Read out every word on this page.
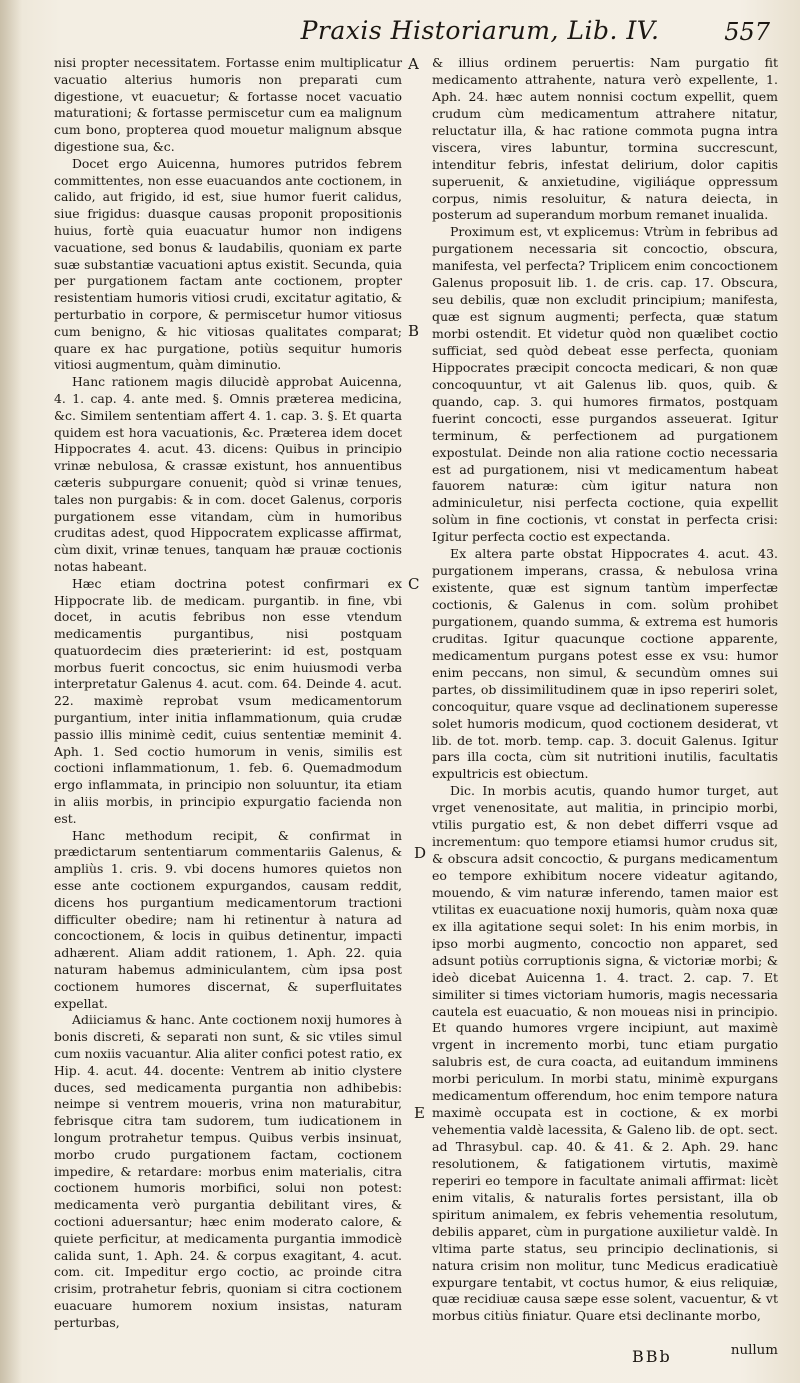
Praxis Historiarum, Lib. IV.	557

nisi propter necessitatem. Fortasse enim multiplicatur vacuatio alterius humoris non preparati cum digestione, vt euacuetur; & fortasse nocet vacuatio maturationi; & fortasse permiscetur cum ea malignum cum bono, propterea quod mouetur malignum absque digestione sua, &c.

Docet ergo Auicenna, humores putridos febrem committentes, non esse euacuandos ante coctionem, in calido, aut frigido, id est, siue humor fuerit calidus, siue frigidus: duasque causas proponit propositionis huius, fortè quia euacuatur humor non indigens vacuatione, sed bonus & laudabilis, quoniam ex parte suæ substantiæ vacuationi aptus existit. Secunda, quia per purgationem factam ante coctionem, propter resistentiam humoris vitiosi crudi, excitatur agitatio, & perturbatio in corpore, & permiscetur humor vitiosus cum benigno, & hic vitiosas qualitates comparat; quare ex hac purgatione, potiùs sequitur humoris vitiosi augmentum, quàm diminutio.

Hanc rationem magis dilucidè approbat Auicenna, 4. 1. cap. 4. ante med. §. Omnis præterea medicina, &c. Similem sententiam affert 4. 1. cap. 3. §. Et quarta quidem est hora vacuationis, &c. Præterea idem docet Hippocrates 4. acut. 43. dicens: Quibus in principio vrinæ nebulosa, & crassæ existunt, hos annuentibus cæteris subpurgare conuenit; quòd si vrinæ tenues, tales non purgabis: & in com. docet Galenus, corporis purgationem esse vitandam, cùm in humoribus cruditas adest, quod Hippocratem explicasse affirmat, cùm dixit, vrinæ tenues, tanquam hæ prauæ coctionis notas habeant.

Hæc etiam doctrina potest confirmari ex Hippocrate lib. de medicam. purgantib. in fine, vbi docet, in acutis febribus non esse vtendum medicamentis purgantibus, nisi postquam quatuordecim dies præterierint: id est, postquam morbus fuerit concoctus, sic enim huiusmodi verba interpretatur Galenus 4. acut. com. 64. Deinde 4. acut. 22. maximè reprobat vsum medicamentorum purgantium, inter initia inflammationum, quia crudæ passio illis minimè cedit, cuius sententiæ meminit 4. Aph. 1. Sed coctio humorum in venis, similis est coctioni inflammationum, 1. feb. 6. Quemadmodum ergo inflammata, in principio non soluuntur, ita etiam in aliis morbis, in principio expurgatio facienda non est.

Hanc methodum recipit, & confirmat in prædictarum sententiarum commentariis Galenus, & ampliùs 1. cris. 9. vbi docens humores quietos non esse ante coctionem expurgandos, causam reddit, dicens hos purgantium medicamentorum tractioni difficulter obedire; nam hi retinentur à natura ad concoctionem, & locis in quibus detinentur, impacti adhærent. Aliam addit rationem, 1. Aph. 22. quia naturam habemus adminiculantem, cùm ipsa post coctionem humores discernat, & superfluitates expellat.

Adiiciamus & hanc. Ante coctionem noxij humores à bonis discreti, & separati non sunt, & sic vtiles simul cum noxiis vacuantur. Alia aliter confici potest ratio, ex Hip. 4. acut. 44. docente: Ventrem ab initio clystere duces, sed medicamenta purgantia non adhibebis: neimpe si ventrem moueris, vrina non maturabitur, febrisque citra tam sudorem, tum iudicationem in longum protrahetur tempus. Quibus verbis insinuat, morbo crudo purgationem factam, coctionem impedire, & retardare: morbus enim materialis, citra coctionem humoris morbifici, solui non potest: medicamenta verò purgantia debilitant vires, & coctioni aduersantur; hæc enim moderato calore, & quiete perficitur, at medicamenta purgantia immodicè calida sunt, 1. Aph. 24. & corpus exagitant, 4. acut. com. cit. Impeditur ergo coctio, ac proinde citra crisim, protrahetur febris, quoniam si citra coctionem euacuare humorem noxium insistas, naturam perturbas,

A
B
C
D
E

& illius ordinem peruertis: Nam purgatio fit medicamento attrahente, natura verò expellente, 1. Aph. 24. hæc autem nonnisi coctum expellit, quem crudum cùm medicamentum attrahere nitatur, reluctatur illa, & hac ratione commota pugna intra viscera, vires labuntur, tormina succrescunt, intenditur febris, infestat delirium, dolor capitis superuenit, & anxietudine, vigiliáque oppressum corpus, nimis resoluitur, & natura deiecta, in posterum ad superandum morbum remanet inualida.

Proximum est, vt explicemus: Vtrùm in febribus ad purgationem necessaria sit concoctio, obscura, manifesta, vel perfecta? Triplicem enim concoctionem Galenus proposuit lib. 1. de cris. cap. 17. Obscura, seu debilis, quæ non excludit principium; manifesta, quæ est signum augmenti; perfecta, quæ statum morbi ostendit. Et videtur quòd non quælibet coctio sufficiat, sed quòd debeat esse perfecta, quoniam Hippocrates præcipit concocta medicari, & non quæ concoquuntur, vt ait Galenus lib. quos, quib. & quando, cap. 3. qui humores firmatos, postquam fuerint concocti, esse purgandos asseuerat. Igitur terminum, & perfectionem ad purgationem expostulat. Deinde non alia ratione coctio necessaria est ad purgationem, nisi vt medicamentum habeat fauorem naturæ: cùm igitur natura non adminiculetur, nisi perfecta coctione, quia expellit solùm in fine coctionis, vt constat in perfecta crisi: Igitur perfecta coctio est expectanda.

Ex altera parte obstat Hippocrates 4. acut. 43. purgationem imperans, crassa, & nebulosa vrina existente, quæ est signum tantùm imperfectæ coctionis, & Galenus in com. solùm prohibet purgationem, quando summa, & extrema est humoris cruditas. Igitur quacunque coctione apparente, medicamentum purgans potest esse ex vsu: humor enim peccans, non simul, & secundùm omnes sui partes, ob dissimilitudinem quæ in ipso reperiri solet, concoquitur, quare vsque ad declinationem superesse solet humoris modicum, quod coctionem desiderat, vt lib. de tot. morb. temp. cap. 3. docuit Galenus. Igitur pars illa cocta, cùm sit nutritioni inutilis, facultatis expultricis est obiectum.

Dic. In morbis acutis, quando humor turget, aut vrget venenositate, aut malitia, in principio morbi, vtilis purgatio est, & non debet differri vsque ad incrementum: quo tempore etiamsi humor crudus sit, & obscura adsit concoctio, & purgans medicamentum eo tempore exhibitum nocere videatur agitando, mouendo, & vim naturæ inferendo, tamen maior est vtilitas ex euacuatione noxij humoris, quàm noxa quæ ex illa agitatione sequi solet: In his enim morbis, in ipso morbi augmento, concoctio non apparet, sed adsunt potiùs corruptionis signa, & victoriæ morbi; & ideò dicebat Auicenna 1. 4. tract. 2. cap. 7. Et similiter si times victoriam humoris, magis necessaria cautela est euacuatio, & non moueas nisi in principio. Et quando humores vrgere incipiunt, aut maximè vrgent in incremento morbi, tunc etiam purgatio salubris est, de cura coacta, ad euitandum imminens morbi periculum. In morbi statu, minimè expurgans medicamentum offerendum, hoc enim tempore natura maximè occupata est in coctione, & ex morbi vehementia valdè lacessita, & Galeno lib. de opt. sect. ad Thrasybul. cap. 40. & 41. & 2. Aph. 29. hanc resolutionem, & fatigationem virtutis, maximè reperiri eo tempore in facultate animali affirmat: licèt enim vitalis, & naturalis fortes persistant, illa ob spiritum animalem, ex febris vehementia resolutum, debilis apparet, cùm in purgatione auxilietur valdè. In vltima parte status, seu principio declinationis, si natura crisim non molitur, tunc Medicus eradicatiuè expurgare tentabit, vt coctus humor, & eius reliquiæ, quæ recidiuæ causa sæpe esse solent, vacuentur, & vt morbus citiùs finiatur. Quare etsi declinante morbo,

BBb	nullum
